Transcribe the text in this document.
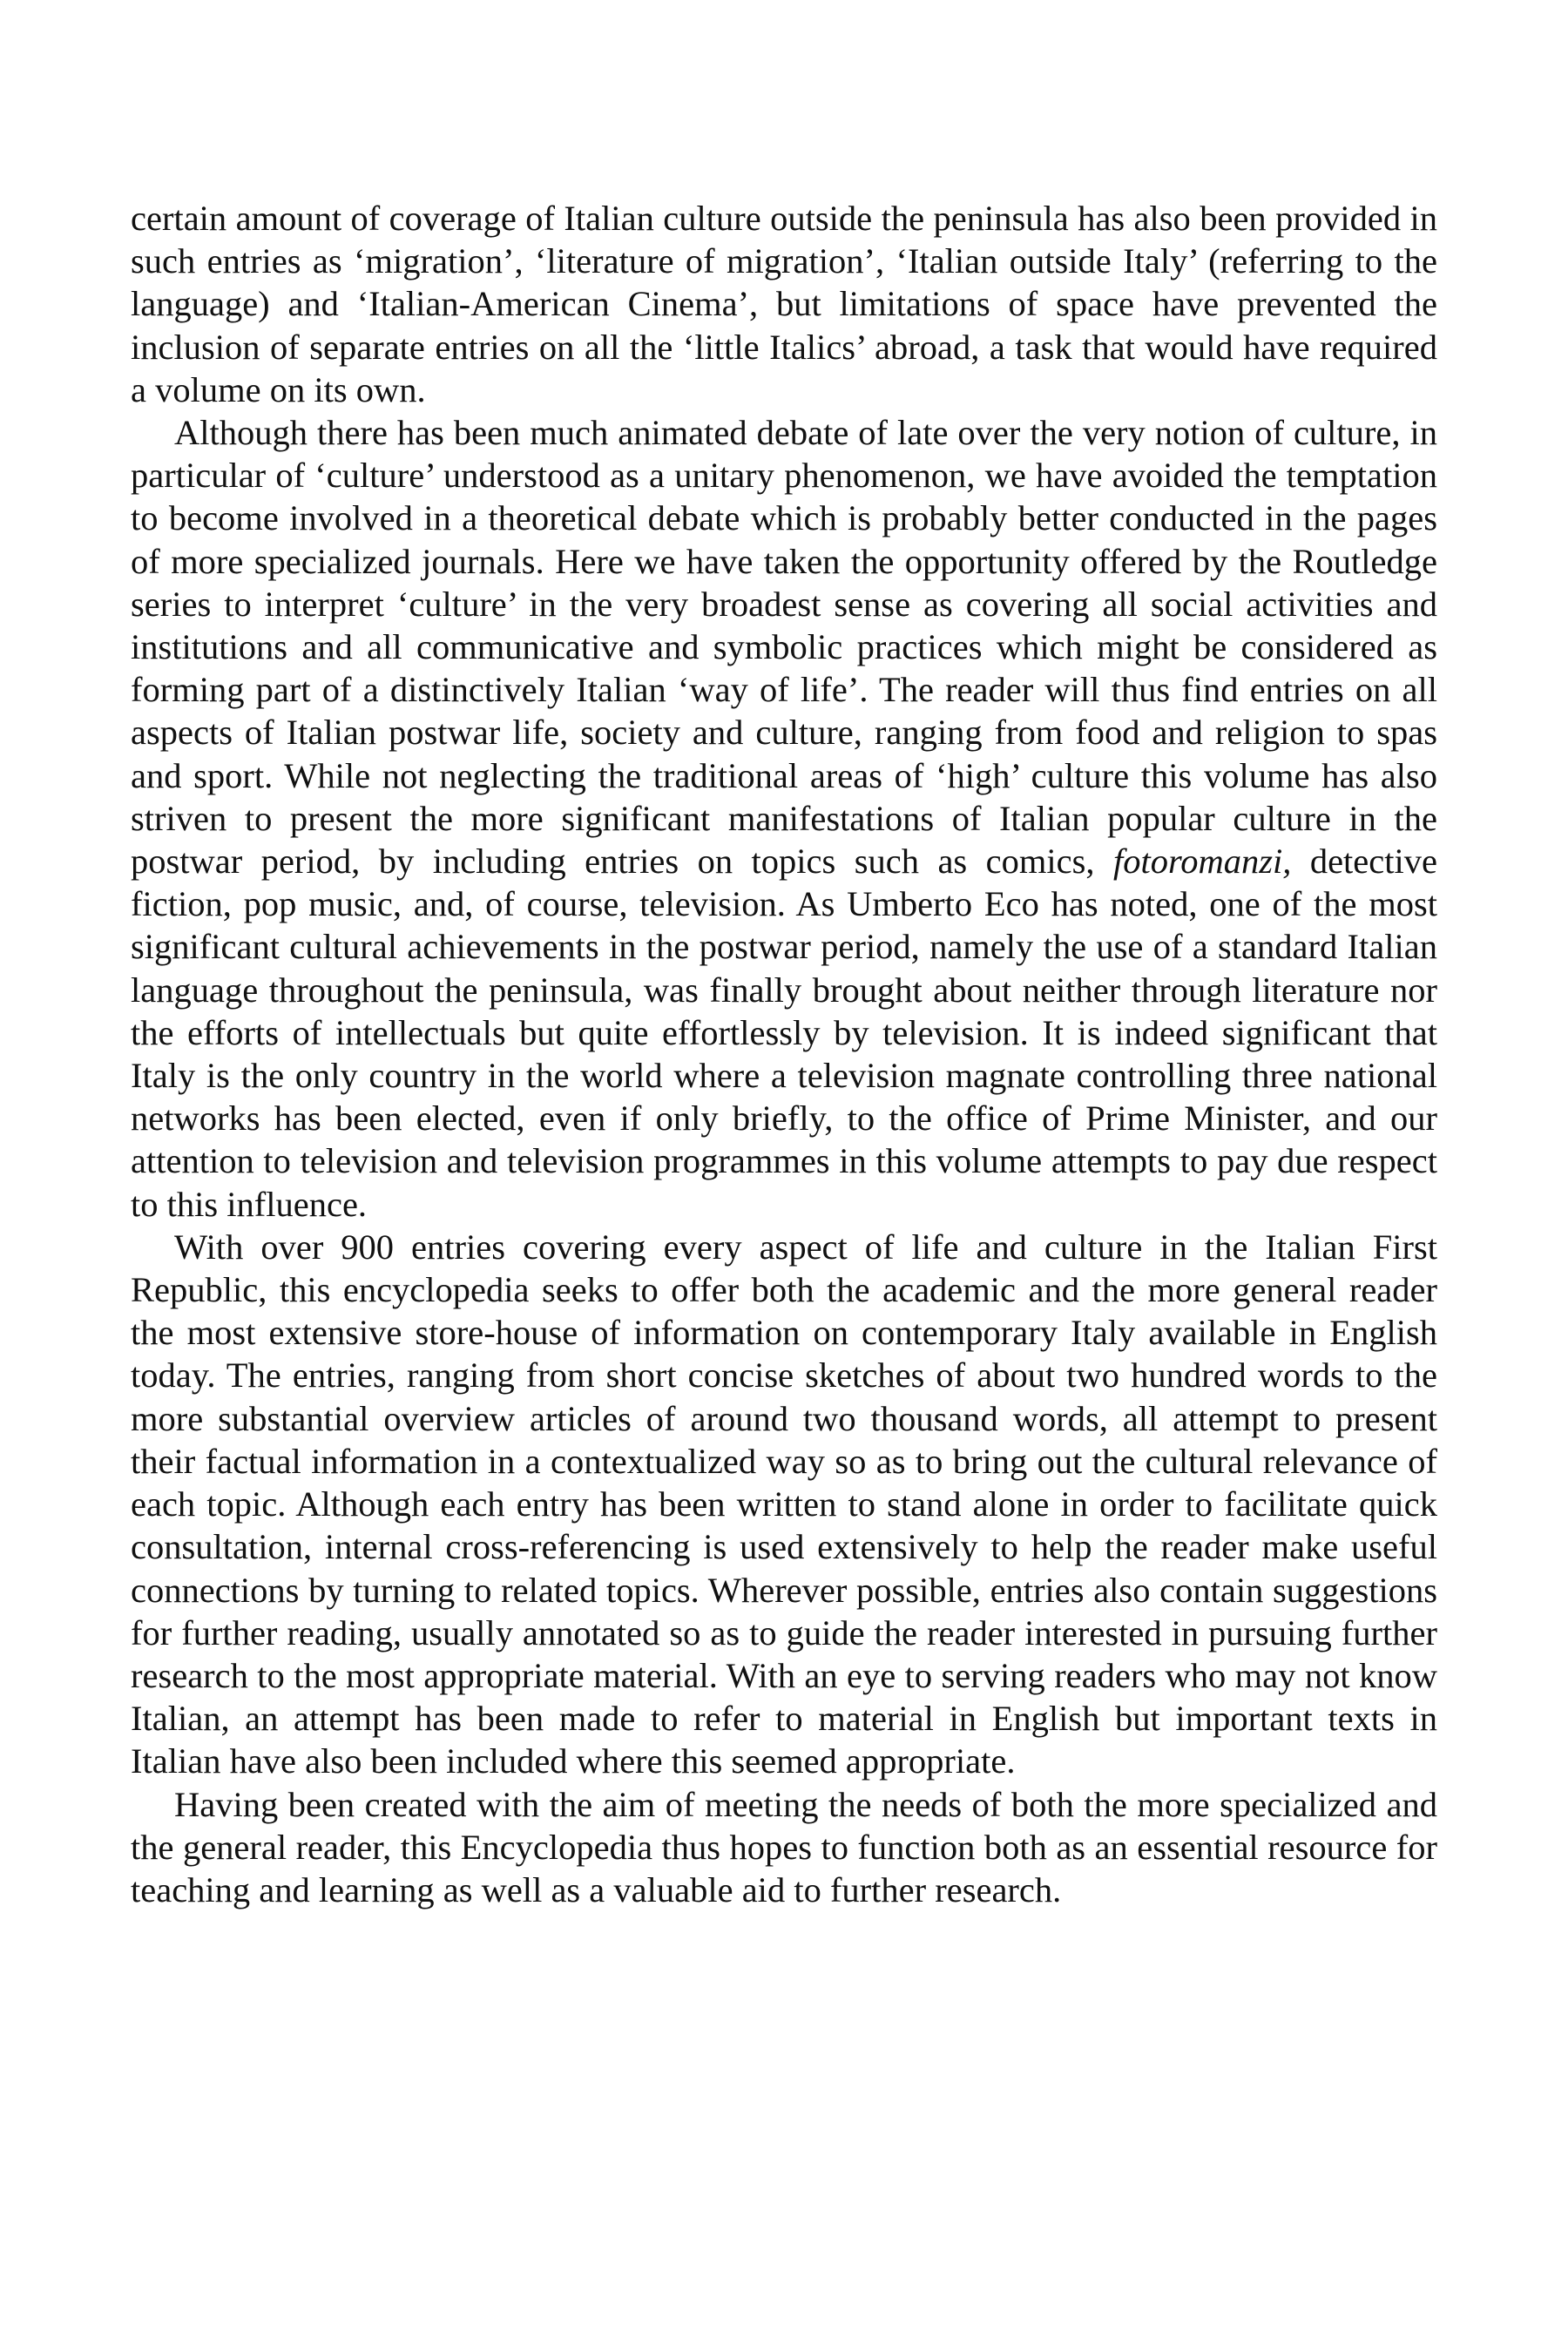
certain amount of coverage of Italian culture outside the peninsula has also been provided in such entries as ‘migration’, ‘literature of migration’, ‘Italian outside Italy’ (referring to the language) and ‘Italian-American Cinema’, but limitations of space have prevented the inclusion of separate entries on all the ‘little Italics’ abroad, a task that would have required a volume on its own.

Although there has been much animated debate of late over the very notion of culture, in particular of ‘culture’ understood as a unitary phenomenon, we have avoided the temptation to become involved in a theoretical debate which is probably better conducted in the pages of more specialized journals. Here we have taken the opportunity offered by the Routledge series to interpret ‘culture’ in the very broadest sense as covering all social activities and institutions and all communicative and symbolic practices which might be considered as forming part of a distinctively Italian ‘way of life’. The reader will thus find entries on all aspects of Italian postwar life, society and culture, ranging from food and religion to spas and sport. While not neglecting the traditional areas of ‘high’ culture this volume has also striven to present the more significant manifestations of Italian popular culture in the postwar period, by including entries on topics such as comics, fotoromanzi, detective fiction, pop music, and, of course, television. As Umberto Eco has noted, one of the most significant cultural achievements in the postwar period, namely the use of a standard Italian language throughout the peninsula, was finally brought about neither through literature nor the efforts of intellectuals but quite effortlessly by television. It is indeed significant that Italy is the only country in the world where a television magnate controlling three national networks has been elected, even if only briefly, to the office of Prime Minister, and our attention to television and television programmes in this volume attempts to pay due respect to this influence.

With over 900 entries covering every aspect of life and culture in the Italian First Republic, this encyclopedia seeks to offer both the academic and the more general reader the most extensive store-house of information on contemporary Italy available in English today. The entries, ranging from short concise sketches of about two hundred words to the more substantial overview articles of around two thousand words, all attempt to present their factual information in a contextualized way so as to bring out the cultural relevance of each topic. Although each entry has been written to stand alone in order to facilitate quick consultation, internal cross-referencing is used extensively to help the reader make useful connections by turning to related topics. Wherever possible, entries also contain suggestions for further reading, usually annotated so as to guide the reader interested in pursuing further research to the most appropriate material. With an eye to serving readers who may not know Italian, an attempt has been made to refer to material in English but important texts in Italian have also been included where this seemed appropriate.

Having been created with the aim of meeting the needs of both the more specialized and the general reader, this Encyclopedia thus hopes to function both as an essential resource for teaching and learning as well as a valuable aid to further research.
